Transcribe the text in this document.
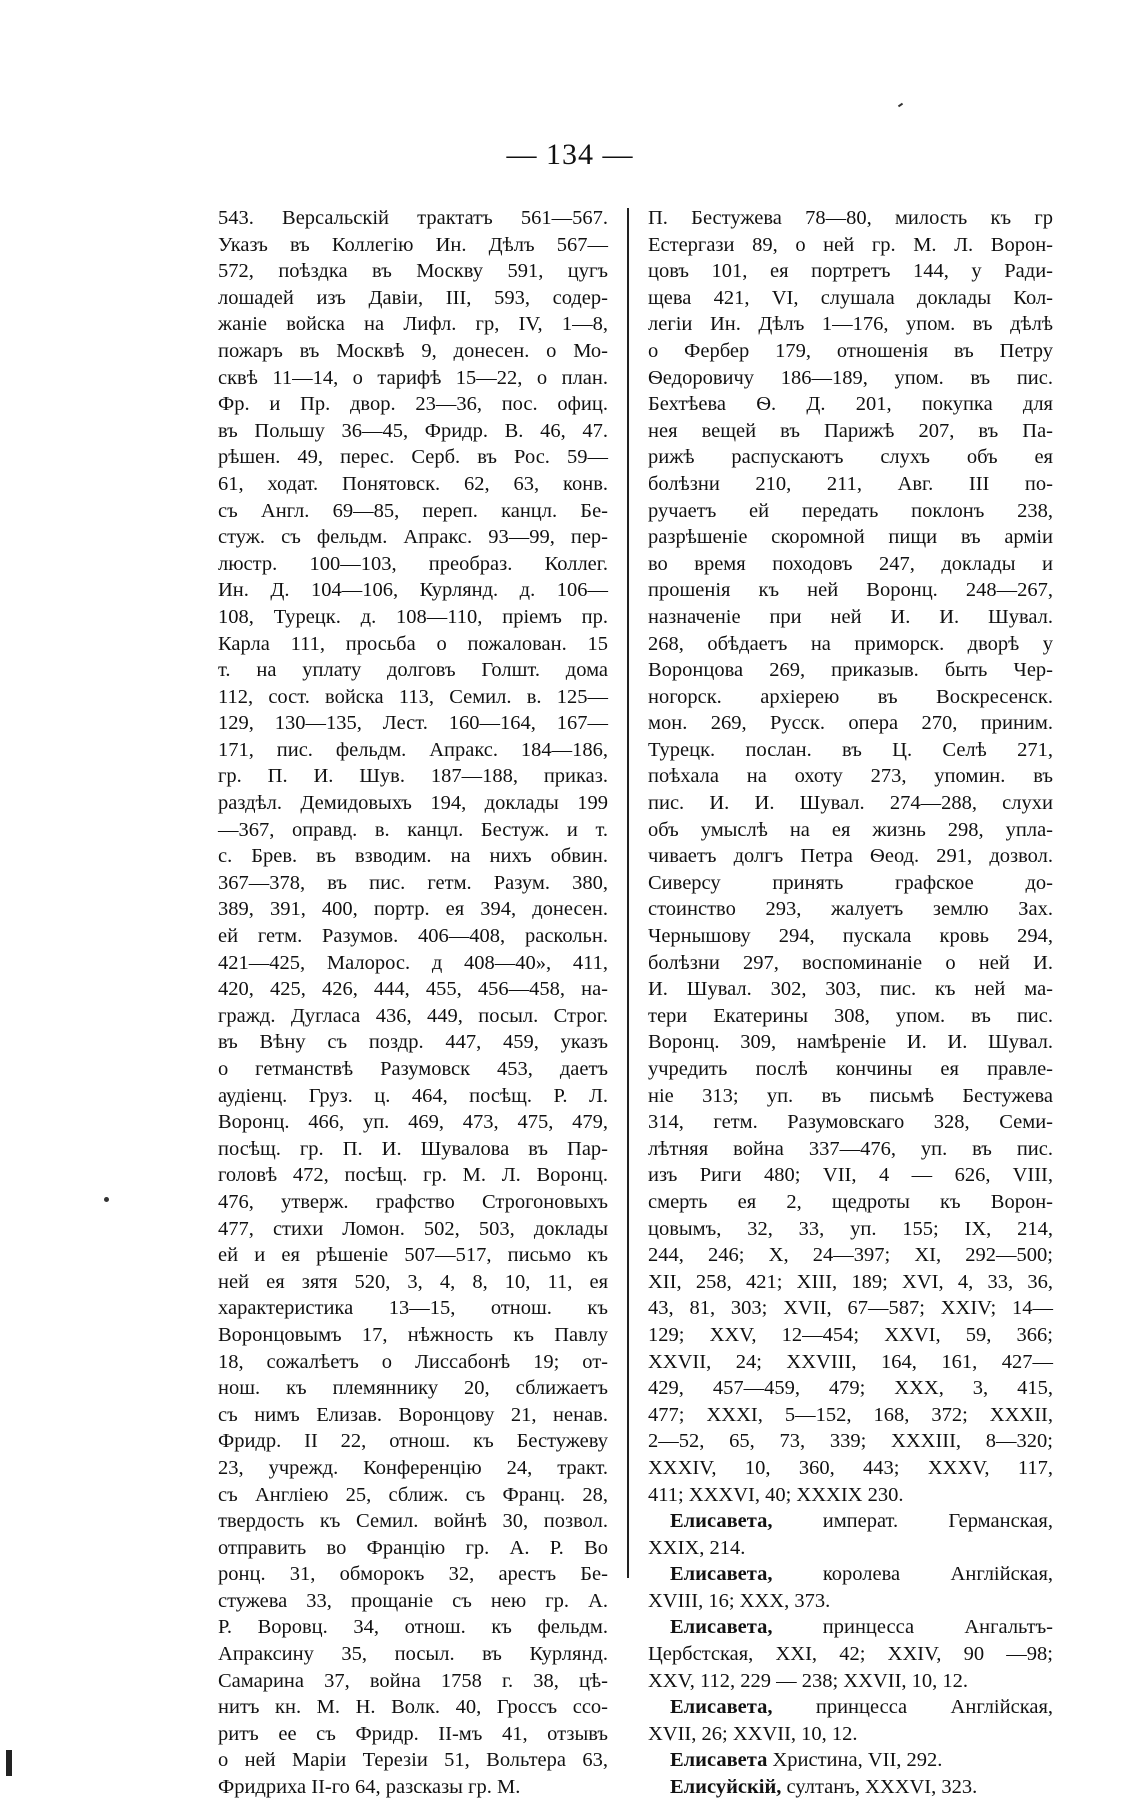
— 134 —
543. Версальскій трактатъ 561—567.
Указъ въ Коллегію Ин. Дѣлъ 567—
572, поѣздка въ Москву 591, цугъ
лошадей изъ Давіи, III, 593, содер-
жаніе войска на Лифл. гр, IV, 1—8,
пожаръ въ Москвѣ 9, донесен. о Мо-
сквѣ 11—14, о тарифѣ 15—22, о план.
Фр. и Пр. двор. 23—36, пос. офиц.
въ Польшу 36—45, Фридр. В. 46, 47.
рѣшен. 49, перес. Серб. въ Рос. 59—
61, ходат. Понятовск. 62, 63, конв.
съ Англ. 69—85, переп. канцл. Бе-
стуж. съ фельдм. Апракс. 93—99, пер-
люстр. 100—103, преобраз. Коллег.
Ин. Д. 104—106, Курлянд. д. 106—
108, Турецк. д. 108—110, пріемъ пр.
Карла 111, просьба о пожалован. 15
т. на уплату долговъ Голшт. дома
112, сост. войска 113, Семил. в. 125—
129, 130—135, Лест. 160—164, 167—
171, пис. фельдм. Апракс. 184—186,
гр. П. И. Шув. 187—188, приказ.
раздѣл. Демидовыхъ 194, доклады 199
—367, оправд. в. канцл. Бестуж. и т.
с. Брев. въ взводим. на нихъ обвин.
367—378, въ пис. гетм. Разум. 380,
389, 391, 400, портр. ея 394, донесен.
ей гетм. Разумов. 406—408, раскольн.
421—425, Малорос. д 408—40», 411,
420, 425, 426, 444, 455, 456—458, на-
гражд. Дугласа 436, 449, посыл. Строг.
въ Вѣну съ поздр. 447, 459, указъ
о гетманствѣ Разумовск 453, даетъ
аудіенц. Груз. ц. 464, посѣщ. Р. Л.
Воронц. 466, уп. 469, 473, 475, 479,
посѣщ. гр. П. И. Шувалова въ Пар-
головѣ 472, посѣщ. гр. М. Л. Воронц.
476, утверж. графство Строгоновыхъ
477, стихи Ломон. 502, 503, доклады
ей и ея рѣшеніе 507—517, письмо къ
ней ея зятя 520, 3, 4, 8, 10, 11, ея
характеристика 13—15, отнош. къ
Воронцовымъ 17, нѣжность къ Павлу
18, сожалѣетъ о Лиссабонѣ 19; от-
нош. къ племяннику 20, сближаетъ
съ нимъ Елизав. Воронцову 21, ненав.
Фридр. II 22, отнош. къ Бестужеву
23, учрежд. Конференцію 24, тракт.
съ Англіею 25, сближ. съ Франц. 28,
твердость къ Семил. войнѣ 30, позвол.
отправить во Францію гр. А. Р. Во
ронц. 31, обморокъ 32, арестъ Бе-
стужева 33, прощаніе съ нею гр. А.
Р. Воровц. 34, отнош. къ фельдм.
Апраксину 35, посыл. въ Курлянд.
Самарина 37, война 1758 г. 38, цѣ-
нитъ кн. М. Н. Волк. 40, Гроссъ ссо-
ритъ ее съ Фридр. II-мъ 41, отзывъ
о ней Маріи Терезіи 51, Вольтера 63,
Фридриха II-го 64, разсказы гр. М.
П. Бестужева 78—80, милость къ гр
Естергази 89, о ней гр. М. Л. Ворон-
цовъ 101, ея портретъ 144, у Ради-
щева 421, VI, слушала доклады Кол-
легіи Ин. Дѣлъ 1—176, упом. въ дѣлѣ
о Фербер 179, отношенія въ Петру
Ѳедоровичу 186—189, упом. въ пис.
Бехтѣева Ѳ. Д. 201, покупка для
нея вещей въ Парижѣ 207, въ Па-
рижѣ распускаютъ слухъ объ ея
болѣзни 210, 211, Авг. III по-
ручаетъ ей передать поклонъ 238,
разрѣшеніе скоромной пищи въ арміи
во время походовъ 247, доклады и
прошенія къ ней Воронц. 248—267,
назначеніе при ней И. И. Шувал.
268, обѣдаетъ на приморск. дворѣ у
Воронцова 269, приказыв. быть Чер-
ногорск. архіерею въ Воскресенск.
мон. 269, Русск. опера 270, приним.
Турецк. послан. въ Ц. Селѣ 271,
поѣхала на охоту 273, упомин. въ
пис. И. И. Шувал. 274—288, слухи
объ умыслѣ на ея жизнь 298, упла-
чиваетъ долгъ Петра Ѳеод. 291, дозвол.
Сиверсу принять графское до-
стоинство 293, жалуетъ землю Зах.
Чернышову 294, пускала кровь 294,
болѣзни 297, воспоминаніе о ней И.
И. Шувал. 302, 303, пис. къ ней ма-
тери Екатерины 308, упом. въ пис.
Воронц. 309, намѣреніе И. И. Шувал.
учредить послѣ кончины ея правле-
ніе 313; уп. въ письмѣ Бестужева
314, гетм. Разумовскаго 328, Семи-
лѣтняя война 337—476, уп. въ пис.
изъ Риги 480; VII, 4 — 626, VIII,
смерть ея 2, щедроты къ Ворон-
цовымъ, 32, 33, уп. 155; IX, 214,
244, 246; X, 24—397; XI, 292—500;
XII, 258, 421; XIII, 189; XVI, 4, 33, 36,
43, 81, 303; XVII, 67—587; XXIV; 14—
129; XXV, 12—454; XXVI, 59, 366;
XXVII, 24; XXVIII, 164, 161, 427—
429, 457—459, 479; XXX, 3, 415,
477; XXXI, 5—152, 168, 372; XXXII,
2—52, 65, 73, 339; XXXIII, 8—320;
XXXIV, 10, 360, 443; XXXV, 117,
411; XXXVI, 40; XXXIX 230.
Елисавета, императ. Германская,
XXIX, 214.
Елисавета, королева Англійская,
XVIII, 16; XXX, 373.
Елисавета, принцесса Ангальтъ-
Цербстская, XXI, 42; XXIV, 90 —98;
XXV, 112, 229 — 238; XXVII, 10, 12.
Елисавета, принцесса Англійская,
XVII, 26; XXVII, 10, 12.
Елисавета Христина, VII, 292.
Елисуйскій, султанъ, XXXVI, 323.
